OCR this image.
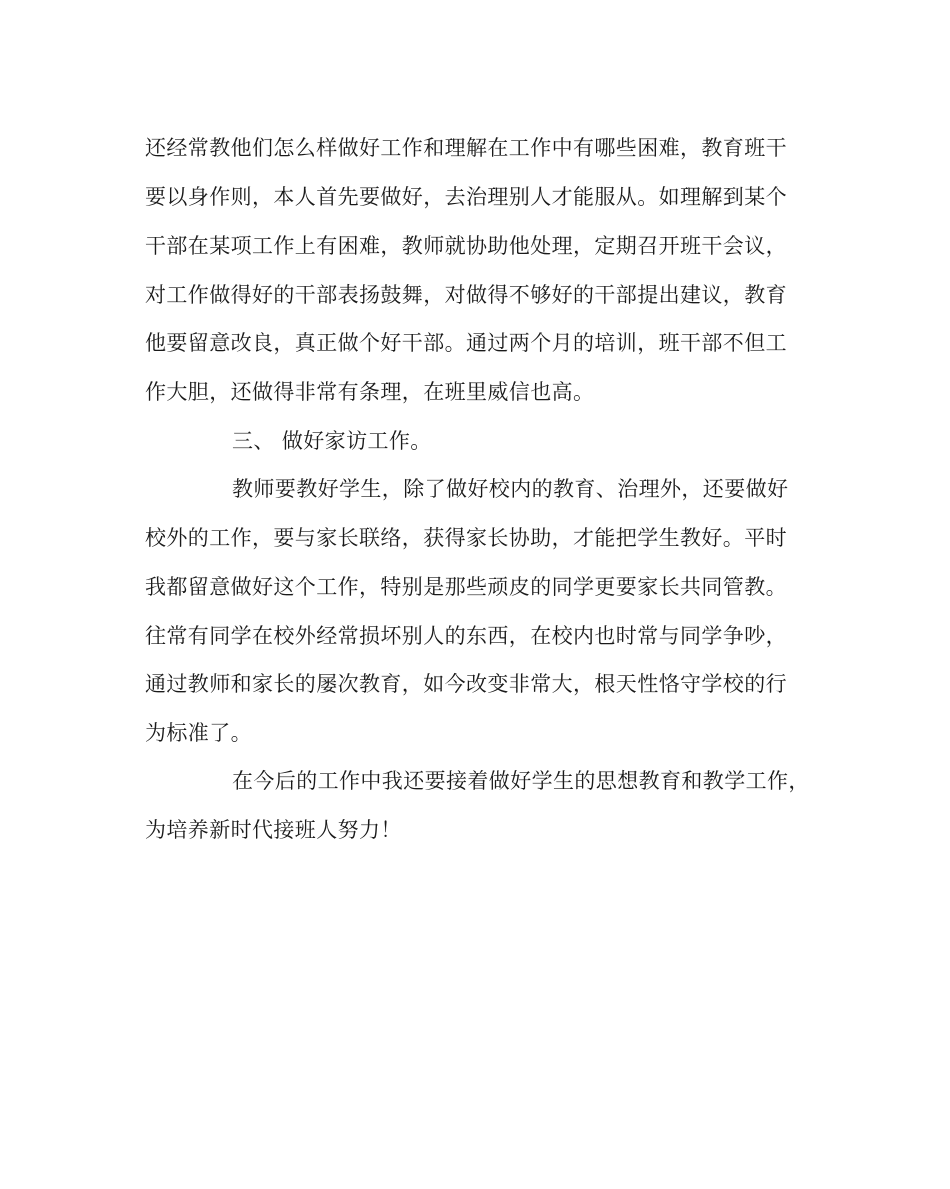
还经常教他们怎么样做好工作和理解在工作中有哪些困难，教育班干
要以身作则，本人首先要做好，去治理别人才能服从。如理解到某个
干部在某项工作上有困难，教师就协助他处理，定期召开班干会议，
对工作做得好的干部表扬鼓舞，对做得不够好的干部提出建议，教育
他要留意改良，真正做个好干部。通过两个月的培训，班干部不但工
作大胆，还做得非常有条理，在班里威信也高。
三、 做好家访工作。
教师要教好学生，除了做好校内的教育、治理外，还要做好
校外的工作，要与家长联络，获得家长协助，才能把学生教好。平时
我都留意做好这个工作，特别是那些顽皮的同学更要家长共同管教。
往常有同学在校外经常损坏别人的东西，在校内也时常与同学争吵，
通过教师和家长的屡次教育，如今改变非常大，根天性恪守学校的行
为标准了。
在今后的工作中我还要接着做好学生的思想教育和教学工作，
为培养新时代接班人努力！
